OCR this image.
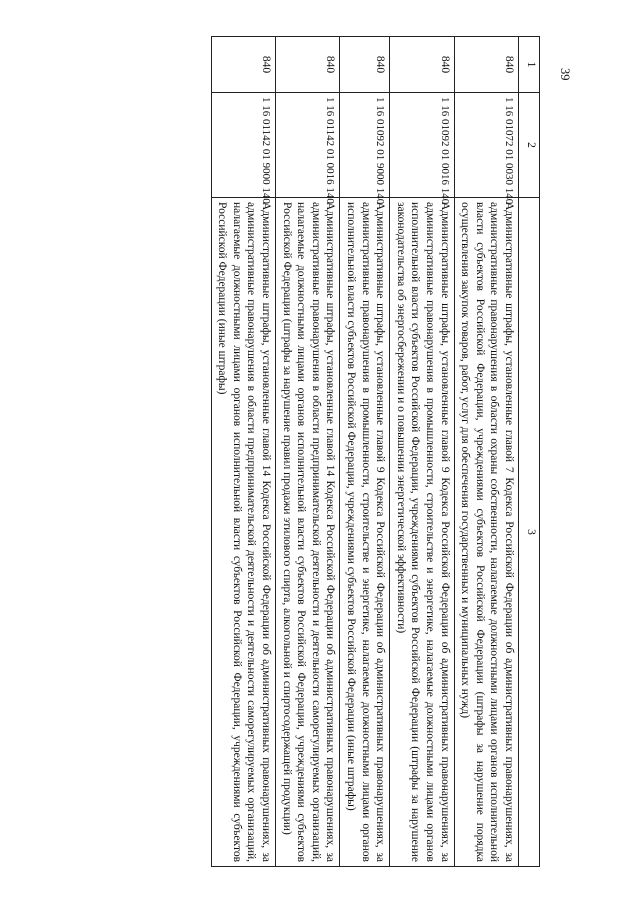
39
1	2	3
840	1 16 01072 01 0030 140	Административные штрафы, установленные главой 7 Кодекса Российской Федерации об административных правонарушениях, за административные правонарушения в области охраны собственности, налагаемые должностными лицами органов исполнительной власти субъектов Российской Федерации, учреждениями субъектов Российской Федерации (штрафы за нарушение порядка осуществления закупок товаров, работ, услуг для обеспечения государственных и муниципальных нужд)
840	1 16 01092 01 0016 140	Административные штрафы, установленные главой 9 Кодекса Российской Федерации об административных правонарушениях, за административные правонарушения в промышленности, строительстве и энергетике, налагаемые должностными лицами органов исполнительной власти субъектов Российской Федерации, учреждениями субъектов Российской Федерации (штрафы за нарушение законодательства об энергосбережении и о повышении энергетической эффективности)
840	1 16 01092 01 9000 140	Административные штрафы, установленные главой 9 Кодекса Российской Федерации об административных правонарушениях, за административные правонарушения в промышленности, строительстве и энергетике, налагаемые должностными лицами органов исполнительной власти субъектов Российской Федерации, учреждениями субъектов Российской Федерации (иные штрафы)
840	1 16 01142 01 0016 140	Административные штрафы, установленные главой 14 Кодекса Российской Федерации об административных правонарушениях, за административные правонарушения в области предпринимательской деятельности и деятельности саморегулируемых организаций, налагаемые должностными лицами органов исполнительной власти субъектов Российской Федерации, учреждениями субъектов Российской Федерации (штрафы за нарушение правил продажи этилового спирта, алкогольной и спиртосодержащей продукции)
840	1 16 01142 01 9000 140	Административные штрафы, установленные главой 14 Кодекса Российской Федерации об административных правонарушениях, за административные правонарушения в области предпринимательской деятельности и деятельности саморегулируемых организаций, налагаемые должностными лицами органов исполнительной власти субъектов Российской Федерации, учреждениями субъектов Российской Федерации (иные штрафы)
